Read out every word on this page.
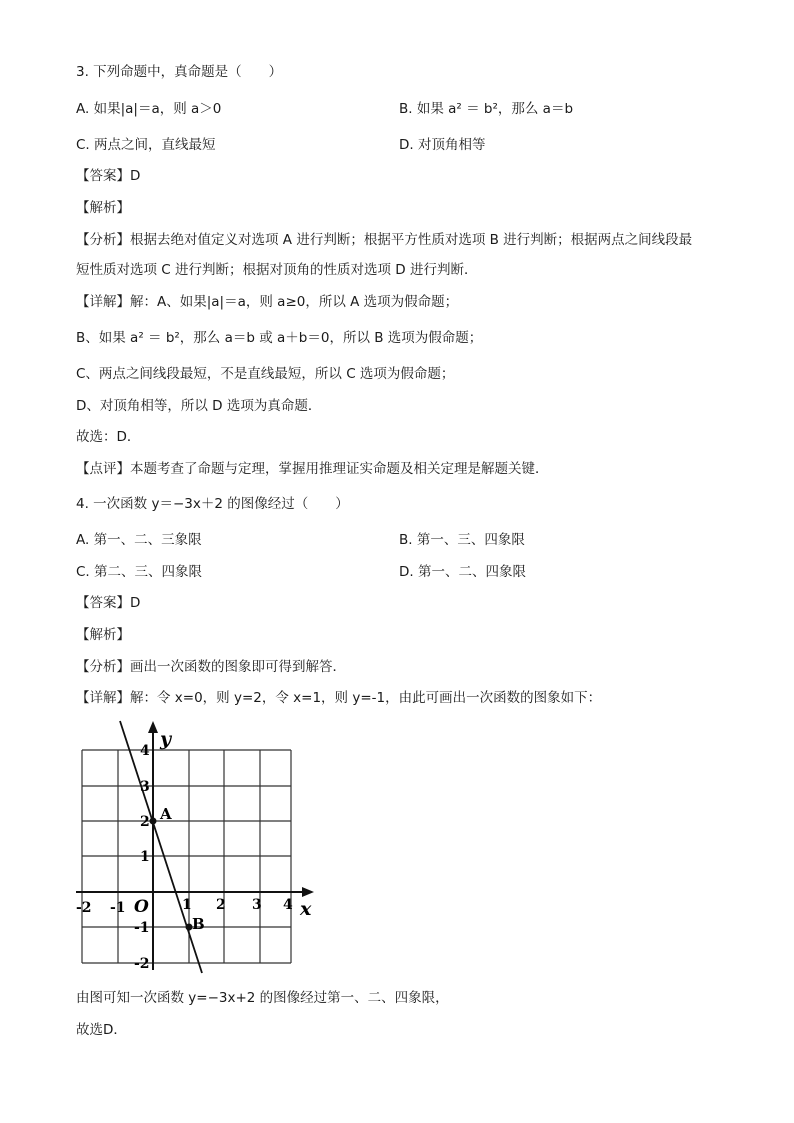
3. 下列命题中，真命题是（　　）
A. 如果|a|＝a，则 a＞0	B. 如果 a² ＝ b²，那么 a＝b
C. 两点之间，直线最短	D. 对顶角相等
【答案】D
【解析】
【分析】根据去绝对值定义对选项 A 进行判断；根据平方性质对选项 B 进行判断；根据两点之间线段最
短性质对选项 C 进行判断；根据对顶角的性质对选项 D 进行判断．
【详解】解：A、如果|a|＝a，则 a≥0，所以 A 选项为假命题；
B、如果 a² ＝ b²，那么 a＝b 或 a＋b＝0，所以 B 选项为假命题；
C、两点之间线段最短，不是直线最短，所以 C 选项为假命题；
D、对顶角相等，所以 D 选项为真命题．
故选：D．
【点评】本题考查了命题与定理，掌握用推理证实命题及相关定理是解题关键．
4. 一次函数 y＝−3x＋2 的图像经过（　　）
A. 第一、二、三象限	B. 第一、三、四象限
C. 第二、三、四象限	D. 第一、二、四象限
【答案】D
【解析】
【分析】画出一次函数的图象即可得到解答．
【详解】解：令 x=0，则 y=2，令 x=1，则 y=-1，由此可画出一次函数的图象如下：
A
B
y
x
O
-2 -1	1 2 3 4
4
3
2
1
-1
-2
由图可知一次函数 y=−3x+2 的图像经过第一、二、四象限，
故选D．
